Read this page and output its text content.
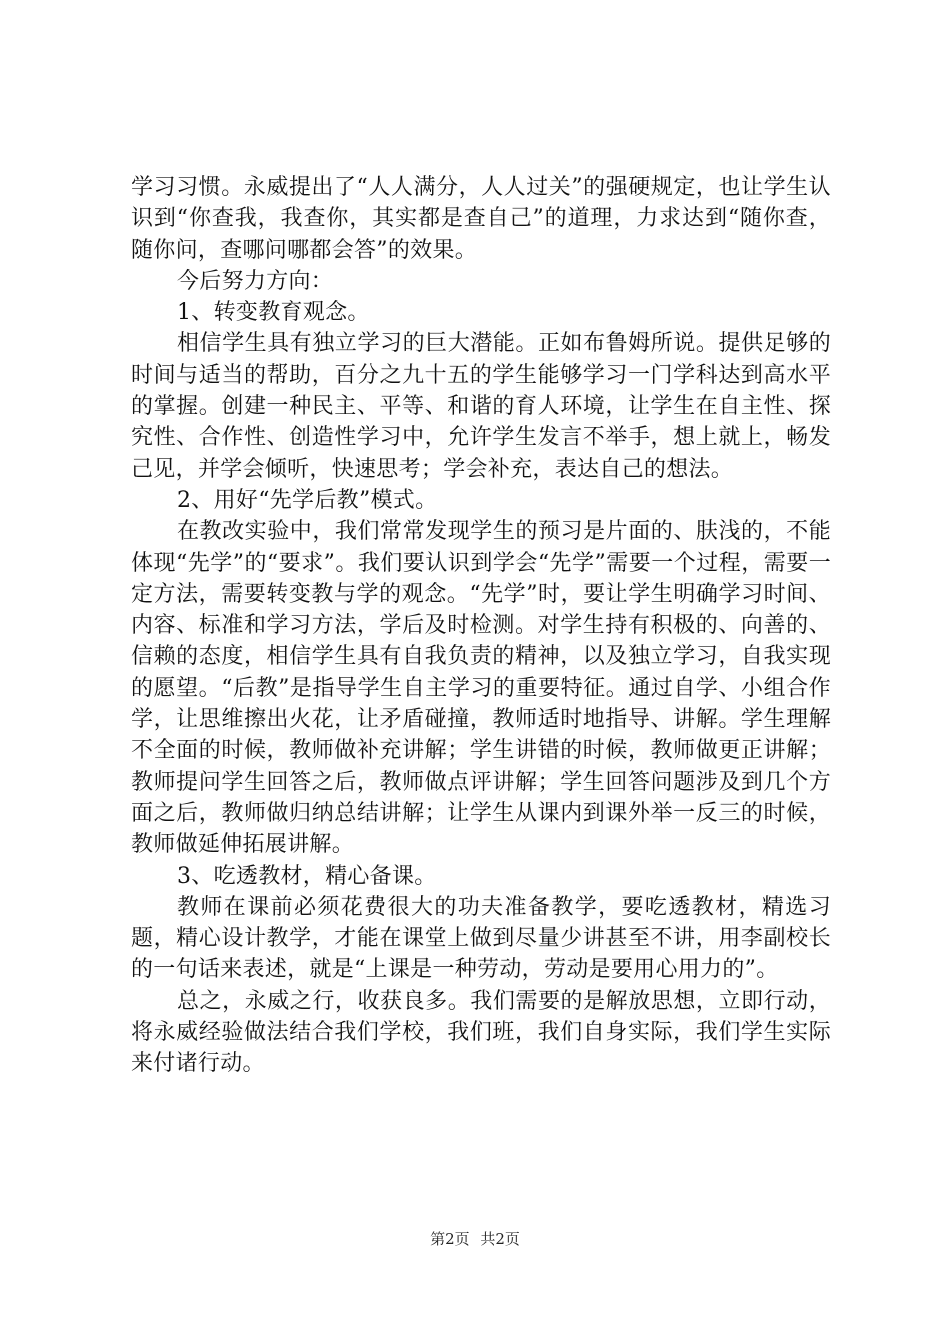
学习习惯。永威提出了“人人满分，人人过关”的强硬规定，也让学生认识到“你查我，我查你，其实都是查自己”的道理，力求达到“随你查，随你问，查哪问哪都会答”的效果。

今后努力方向：

1、转变教育观念。

相信学生具有独立学习的巨大潜能。正如布鲁姆所说。提供足够的时间与适当的帮助，百分之九十五的学生能够学习一门学科达到高水平的掌握。创建一种民主、平等、和谐的育人环境，让学生在自主性、探究性、合作性、创造性学习中，允许学生发言不举手，想上就上，畅发己见，并学会倾听，快速思考；学会补充，表达自己的想法。

2、用好“先学后教”模式。

在教改实验中，我们常常发现学生的预习是片面的、肤浅的，不能体现“先学”的“要求”。我们要认识到学会“先学”需要一个过程，需要一定方法，需要转变教与学的观念。“先学”时，要让学生明确学习时间、内容、标准和学习方法，学后及时检测。对学生持有积极的、向善的、信赖的态度，相信学生具有自我负责的精神，以及独立学习，自我实现的愿望。“后教”是指导学生自主学习的重要特征。通过自学、小组合作学，让思维擦出火花，让矛盾碰撞，教师适时地指导、讲解。学生理解不全面的时候，教师做补充讲解；学生讲错的时候，教师做更正讲解；教师提问学生回答之后，教师做点评讲解；学生回答问题涉及到几个方面之后，教师做归纳总结讲解；让学生从课内到课外举一反三的时候，教师做延伸拓展讲解。

3、吃透教材，精心备课。

教师在课前必须花费很大的功夫准备教学，要吃透教材，精选习题，精心设计教学，才能在课堂上做到尽量少讲甚至不讲，用李副校长的一句话来表述，就是“上课是一种劳动，劳动是要用心用力的”。

总之，永威之行，收获良多。我们需要的是解放思想，立即行动，将永威经验做法结合我们学校，我们班，我们自身实际，我们学生实际来付诸行动。

第2页 共2页
